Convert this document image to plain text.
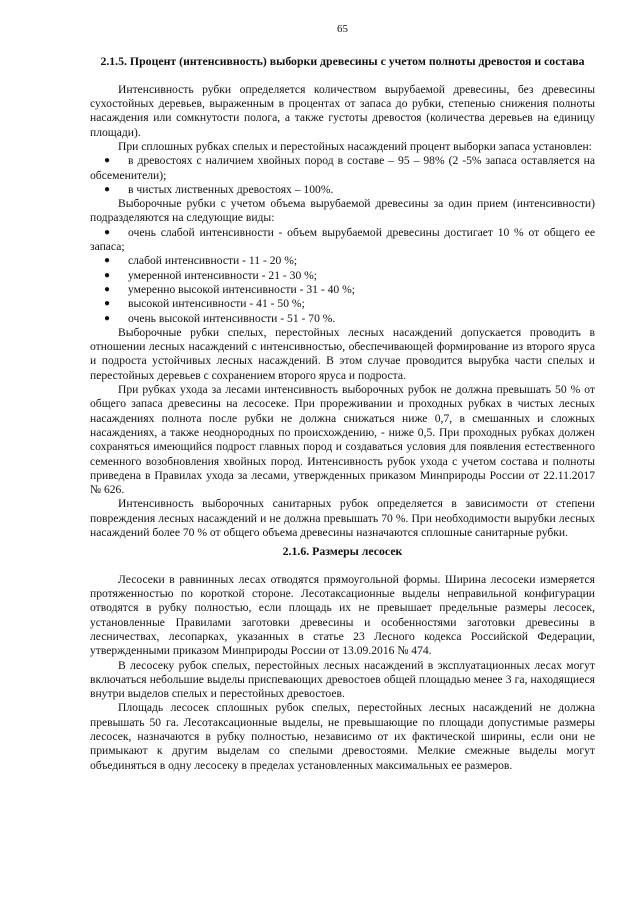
65
2.1.5. Процент (интенсивность) выборки древесины с учетом полноты древостоя и состава

Интенсивность рубки определяется количеством вырубаемой древесины, без древесины сухостойных деревьев, выраженным в процентах от запаса до рубки, степенью снижения полноты насаждения или сомкнутости полога, а также густоты древостоя (количества деревьев на единицу площади).

При сплошных рубках спелых и перестойных насаждений процент выборки запаса установлен:

● в древостоях с наличием хвойных пород в составе – 95 – 98% (2 -5% запаса оставляется на обсеменители);
● в чистых лиственных древостоях – 100%.

Выборочные рубки с учетом объема вырубаемой древесины за один прием (интенсивности) подразделяются на следующие виды:

● очень слабой интенсивности - объем вырубаемой древесины достигает 10 % от общего ее запаса;
● слабой интенсивности - 11 - 20 %;
● умеренной интенсивности - 21 - 30 %;
● умеренно высокой интенсивности - 31 - 40 %;
● высокой интенсивности - 41 - 50 %;
● очень высокой интенсивности - 51 - 70 %.

Выборочные рубки спелых, перестойных лесных насаждений допускается проводить в отношении лесных насаждений с интенсивностью, обеспечивающей формирование из второго яруса и подроста устойчивых лесных насаждений. В этом случае проводится вырубка части спелых и перестойных деревьев с сохранением второго яруса и подроста.

При рубках ухода за лесами интенсивность выборочных рубок не должна превышать 50 % от общего запаса древесины на лесосеке. При прореживании и проходных рубках в чистых лесных насаждениях полнота после рубки не должна снижаться ниже 0,7, в смешанных и сложных насаждениях, а также неоднородных по происхождению, - ниже 0,5. При проходных рубках должен сохраняться имеющийся подрост главных пород и создаваться условия для появления естественного семенного возобновления хвойных пород. Интенсивность рубок ухода с учетом состава и полноты приведена в Правилах ухода за лесами, утвержденных приказом Минприроды России от 22.11.2017 № 626.

Интенсивность выборочных санитарных рубок определяется в зависимости от степени повреждения лесных насаждений и не должна превышать 70 %. При необходимости вырубки лесных насаждений более 70 % от общего объема древесины назначаются сплошные санитарные рубки.

2.1.6. Размеры лесосек

Лесосеки в равнинных лесах отводятся прямоугольной формы. Ширина лесосеки измеряется протяженностью по короткой стороне. Лесотаксационные выделы неправильной конфигурации отводятся в рубку полностью, если площадь их не превышает предельные размеры лесосек, установленные Правилами заготовки древесины и особенностями заготовки древесины в лесничествах, лесопарках, указанных в статье 23 Лесного кодекса Российской Федерации, утвержденными приказом Минприроды России от 13.09.2016 № 474.

В лесосеку рубок спелых, перестойных лесных насаждений в эксплуатационных лесах могут включаться небольшие выделы приспевающих древостоев общей площадью менее 3 га, находящиеся внутри выделов спелых и перестойных древостоев.

Площадь лесосек сплошных рубок спелых, перестойных лесных насаждений не должна превышать 50 га. Лесотаксационные выделы, не превышающие по площади допустимые размеры лесосек, назначаются в рубку полностью, независимо от их фактической ширины, если они не примыкают к другим выделам со спелыми древостоями. Мелкие смежные выделы могут объединяться в одну лесосеку в пределах установленных максимальных ее размеров.
